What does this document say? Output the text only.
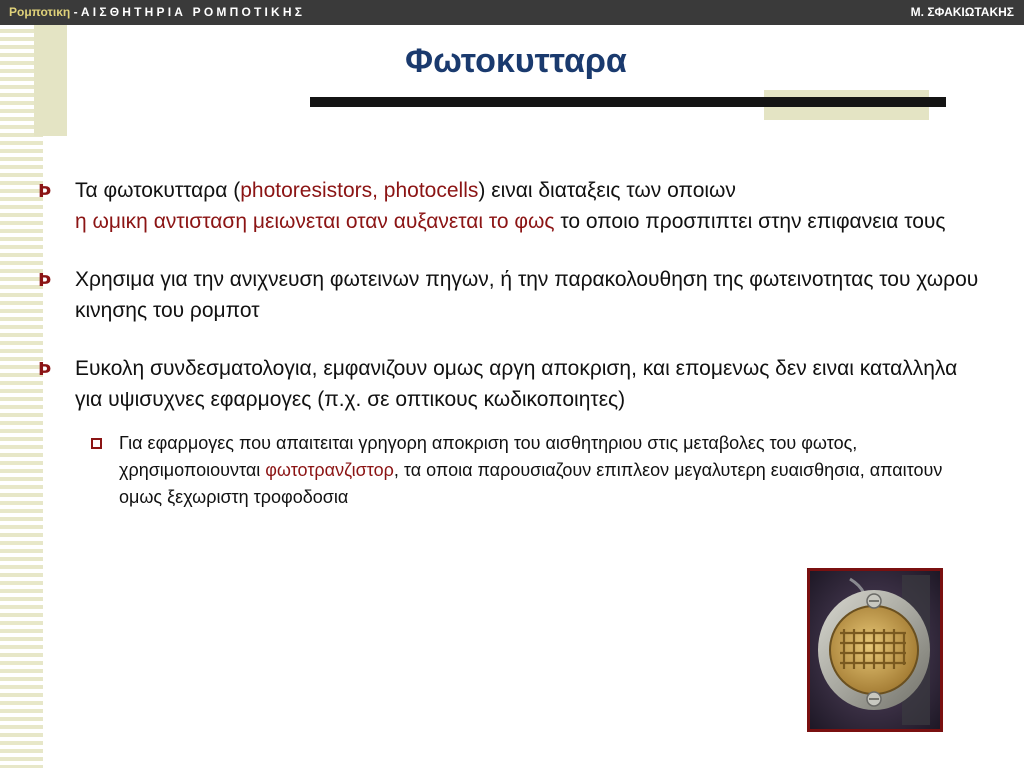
Ρομποτικη - ΑΙΣΘΗΤΗΡΙΑ ΡΟΜΠΟΤΙΚΗΣ	Μ. ΣΦΑΚΙΩΤΑΚΗΣ
Φωτοκυτταρα
Þ Τα φωτοκυτταρα (photoresistors, photocells) ειναι διαταξεις των οποιων
η ωμικη αντισταση μειωνεται οταν αυξανεται το φως το οποιο προσπιπτει στην επιφανεια τους
Þ Χρησιμα για την ανιχνευση φωτεινων πηγων, ή την παρακολουθηση της φωτεινοτητας του χωρου κινησης του ρομποτ
Þ Ευκολη συνδεσματολογια, εμφανιζουν ομως αργη αποκριση, και επομενως δεν ειναι καταλληλα για υψισυχνες εφαρμογες (π.χ. σε οπτικους κωδικοποιητες)
Για εφαρμογες που απαιτειται γρηγορη αποκριση του αισθητηριου στις μεταβολες του φωτος, χρησιμοποιουνται φωτοτρανζιστορ, τα οποια παρουσιαζουν επιπλεον μεγαλυτερη ευαισθησια, απαιτουν ομως ξεχωριστη τροφοδοσια
